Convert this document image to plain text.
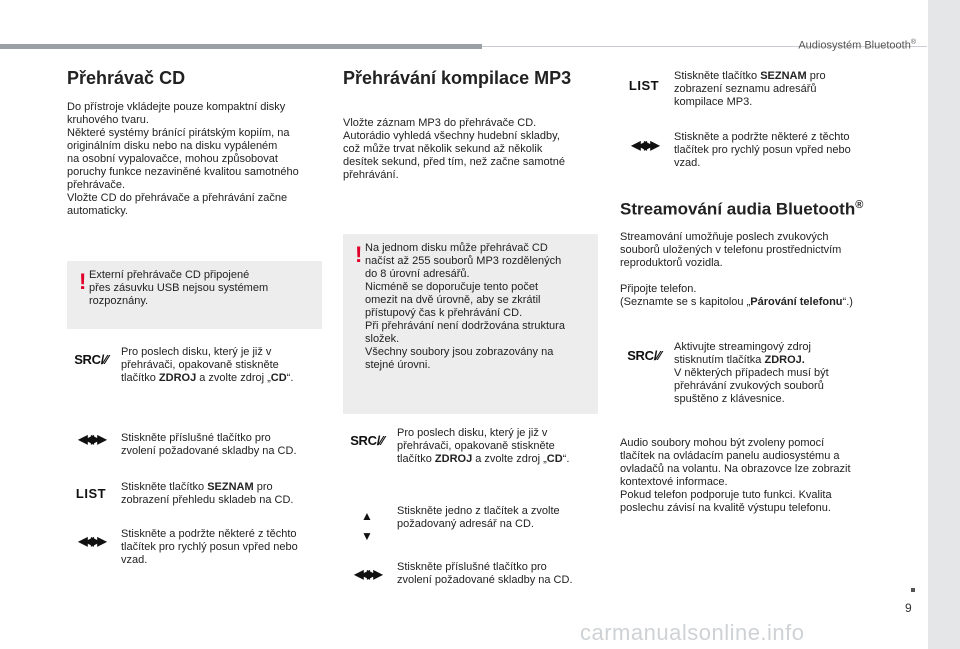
Audiosystém Bluetooth®
9
carmanualsonline.info
Přehrávač CD
Do přístroje vkládejte pouze kompaktní disky
kruhového tvaru.
Některé systémy bránící pirátským kopiím, na
originálním disku nebo na disku vypáleném
na osobní vypalovačce, mohou způsobovat
poruchy funkce nezaviněné kvalitou samotného
přehrávače.
Vložte CD do přehrávače a přehrávání začne
automaticky.
! Externí přehrávače CD připojené
přes zásuvku USB nejsou systémem
rozpoznány.
SRC/⁄⁄	Pro poslech disku, který je již v
přehrávači, opakovaně stiskněte
tlačítko ZDROJ a zvolte zdroj „CD“.
◀◀ ▶▶	Stiskněte příslušné tlačítko pro
zvolení požadované skladby na CD.
LIST	Stiskněte tlačítko SEZNAM pro
zobrazení přehledu skladeb na CD.
◀◀ ▶▶	Stiskněte a podržte některé z těchto
tlačítek pro rychlý posun vpřed nebo
vzad.
Přehrávání kompilace MP3
Vložte záznam MP3 do přehrávače CD.
Autorádio vyhledá všechny hudební skladby,
což může trvat několik sekund až několik
desítek sekund, před tím, než začne samotné
přehrávání.
! Na jednom disku může přehrávač CD
načíst až 255 souborů MP3 rozdělených
do 8 úrovní adresářů.
Nicméně se doporučuje tento počet
omezit na dvě úrovně, aby se zkrátil
přístupový čas k přehrávání CD.
Při přehrávání není dodržována struktura
složek.
Všechny soubory jsou zobrazovány na
stejné úrovni.
SRC/⁄⁄	Pro poslech disku, který je již v
přehrávači, opakovaně stiskněte
tlačítko ZDROJ a zvolte zdroj „CD“.
▲
▼
Stiskněte jedno z tlačítek a zvolte
požadovaný adresář na CD.
◀◀ ▶▶	Stiskněte příslušné tlačítko pro
zvolení požadované skladby na CD.
LIST
Stiskněte tlačítko SEZNAM pro
zobrazení seznamu adresářů
kompilace MP3.
◀◀ ▶▶
Stiskněte a podržte některé z těchto
tlačítek pro rychlý posun vpřed nebo
vzad.
Streamování audia Bluetooth®
Streamování umožňuje poslech zvukových
souborů uložených v telefonu prostřednictvím
reproduktorů vozidla.
Připojte telefon.
(Seznamte se s kapitolou „Párování telefonu“.)
SRC/⁄⁄
Aktivujte streamingový zdroj
stisknutím tlačítka ZDROJ.
V některých případech musí být
přehrávání zvukových souborů
spuštěno z klávesnice.
Audio soubory mohou být zvoleny pomocí
tlačítek na ovládacím panelu audiosystému a
ovladačů na volantu. Na obrazovce lze zobrazit
kontextové informace.
Pokud telefon podporuje tuto funkci. Kvalita
poslechu závisí na kvalitě výstupu telefonu.
